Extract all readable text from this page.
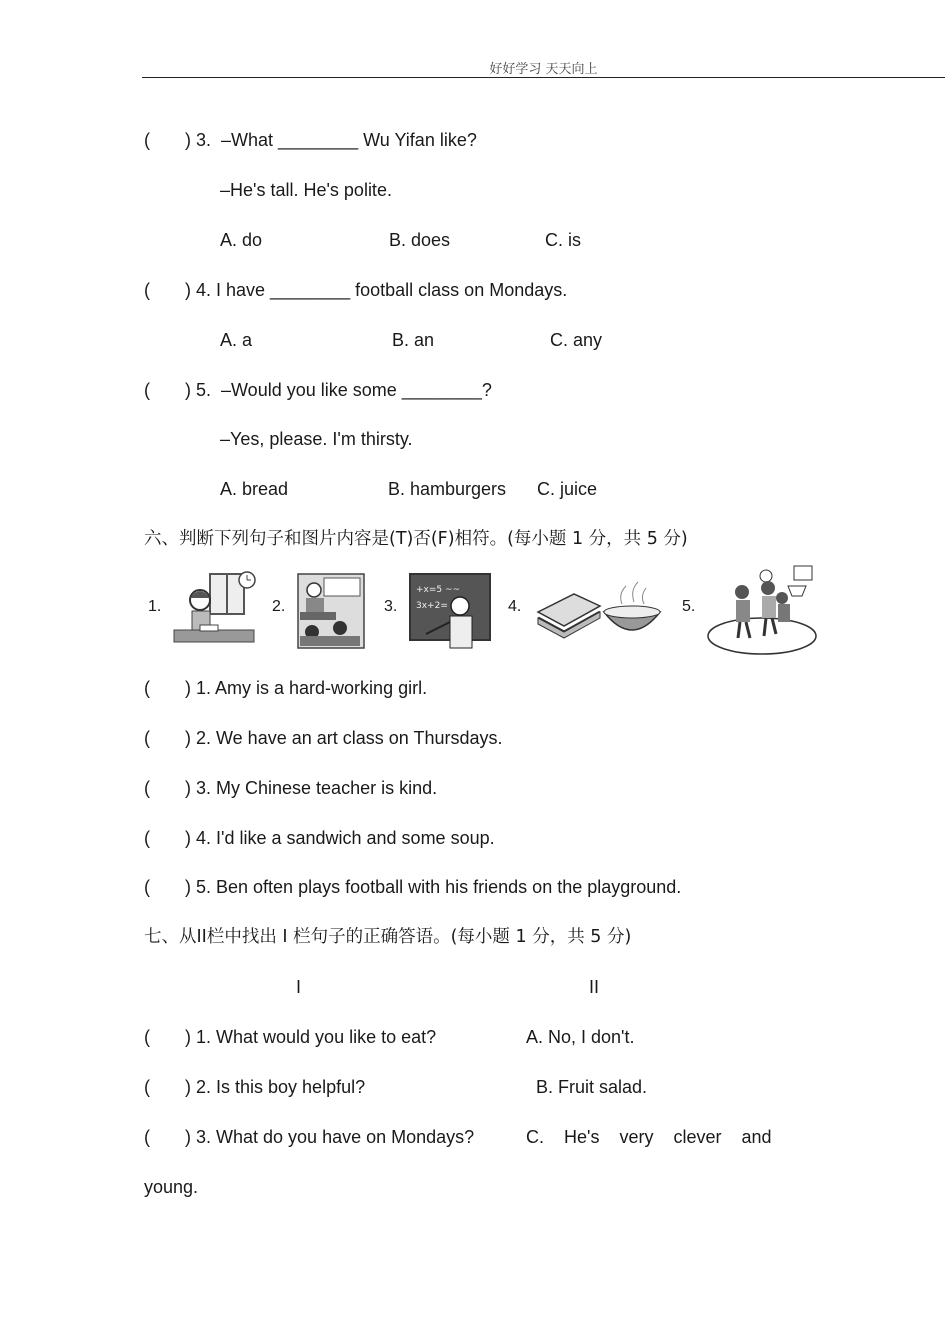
好好学习 天天向上
(       ) 3.  –What ________ Wu Yifan like?
–He's tall. He's polite.
A. do	B. does	C. is
(       ) 4. I have ________ football class on Mondays.
A. a	B. an	C. any
(       ) 5.  –Would you like some ________?
–Yes, please. I'm thirsty.
A. bread	B. hamburgers C. juice
六、判断下列句子和图片内容是(T)否(F)相符。(每小题 1 分，共 5 分)
1.	2.	3.
+x=5 ~~
3x+2=	4.	5.
(       ) 1. Amy is a hard-working girl.
(       ) 2. We have an art class on Thursdays.
(       ) 3. My Chinese teacher is kind.
(       ) 4. I'd like a sandwich and some soup.
(       ) 5. Ben often plays football with his friends on the playground.
七、从II栏中找出 I 栏句子的正确答语。(每小题 1 分，共 5 分)
I	II
(       ) 1. What would you like to eat?	A. No, I don't.
(       ) 2. Is this boy helpful?	B. Fruit salad.
(       ) 3. What do you have on Mondays?	C.    He's    very    clever    and
young.
